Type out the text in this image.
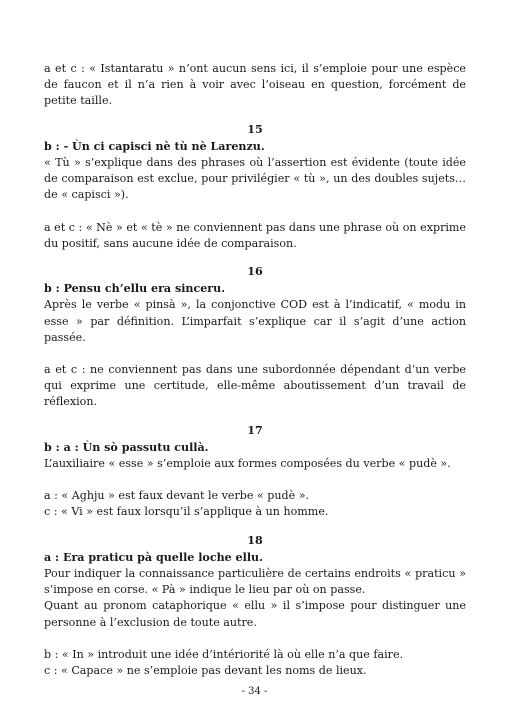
a et c : « Istantaratu » n’ont aucun sens ici, il s’emploie pour une espèce de faucon et il n’a rien à voir avec l’oiseau en question, forcément de petite taille.

15

b : - Ùn ci capisci nè tù nè Larenzu.

« Tù » s’explique dans des phrases où l’assertion est évidente (toute idée de comparaison est exclue, pour privilégier « tù », un des doubles sujets… de « capisci »).

a et c : « Nè » et « tè » ne conviennent pas dans une phrase où on exprime du positif, sans aucune idée de comparaison.

16

b : Pensu ch’ellu era sinceru.

Après le verbe « pinsà », la conjonctive COD est à l’indicatif, « modu in esse » par définition. L’imparfait s’explique car il s’agit d’une action passée.

a et c : ne conviennent pas dans une subordonnée dépendant d’un verbe qui exprime une certitude, elle-même aboutissement d’un travail de réflexion.

17

b : a : Ùn sò passutu cullà.

L’auxiliaire « esse » s’emploie aux formes composées du verbe « pudè ».

a : « Aghju » est faux devant le verbe « pudè ».
c : « Vi » est faux lorsqu’il s’applique à un homme.

18

a : Era praticu pà quelle loche ellu.

Pour indiquer la connaissance particulière de certains endroits « praticu » s’impose en corse. « Pà » indique le lieu par où on passe.
Quant au pronom cataphorique « ellu » il s’impose pour distinguer une personne à l’exclusion de toute autre.

b : « In » introduit une idée d’intériorité là où elle n’a que faire.
c : « Capace » ne s’emploie pas devant les noms de lieux.

- 34 -
